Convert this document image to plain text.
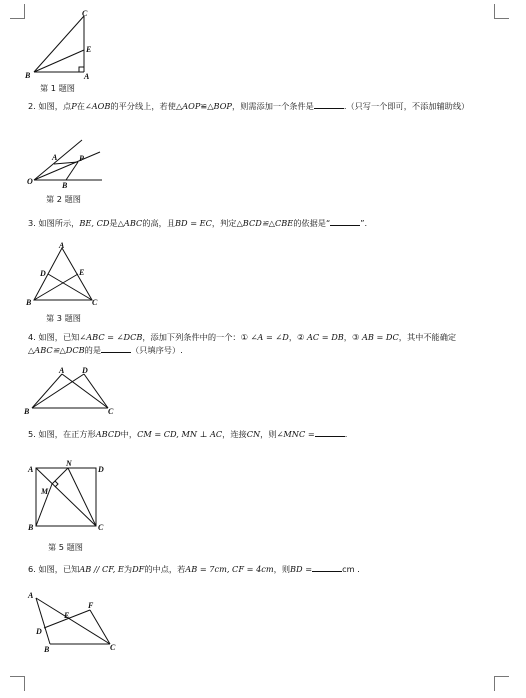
C
E
B	A
第 1 题图
2. 如图，点P在∠AOB的平分线上，若使△AOP≌△BOP，则需添加一个条件是	.（只写一个即可，不添加辅助线）
A	P
O	B
第 2 题图
3. 如图所示，BE, CD是△ABC的高，且BD = EC，判定△BCD≌△CBE的依据是“	”.
A
D	E
B	C
第 3 题图
4. 如图，已知∠ABC = ∠DCB，添加下列条件中的一个：① ∠A = ∠D，② AC = DB，③ AB = DC，其中不能确定△ABC≌△DCB的是	（只填序号）.
A D
B	C
5. 如图，在正方形ABCD中，CM = CD, MN ⊥ AC，连接CN，则∠MNC =	.
A
N
D
M
B	C
第 5 题图
6. 如图，已知AB // CF, E为DF的中点，若AB = 7cm, CF = 4cm，则BD =	cm .
A
E
F
D
B	C
